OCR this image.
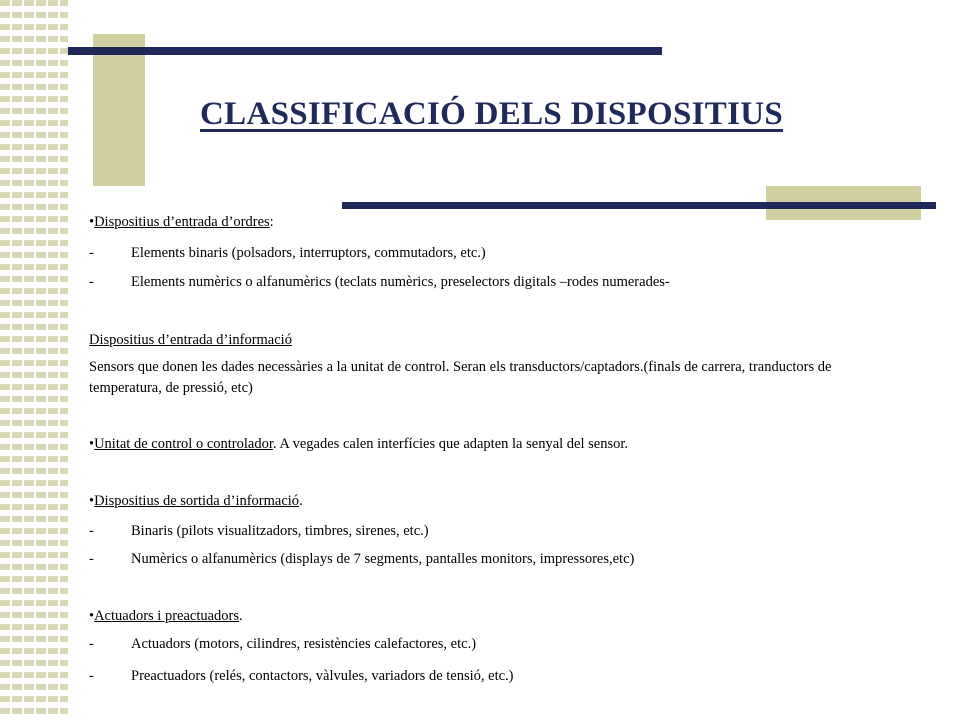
CLASSIFICACIÓ DELS DISPOSITIUS
•Dispositius d’entrada d’ordres:
-	Elements binaris (polsadors, interruptors, commutadors, etc.)
-	Elements numèrics o alfanumèrics (teclats numèrics, preselectors digitals –rodes numerades-
Dispositius d’entrada d’informació
Sensors que donen les dades necessàries a la unitat de control. Seran els transductors/captadors.(finals de carrera, tranductors de temperatura, de pressió, etc)
•Unitat de control o controlador. A vegades calen interfícies que adapten la senyal del sensor.
•Dispositius de sortida d’informació.
-	Binaris (pilots visualitzadors, timbres, sirenes, etc.)
-	Numèrics o alfanumèrics (displays de 7 segments, pantalles monitors, impressores,etc)
•Actuadors i preactuadors.
-	Actuadors (motors, cilindres, resistències calefactores, etc.)
-	Preactuadors (relés, contactors, vàlvules, variadors de tensió, etc.)
